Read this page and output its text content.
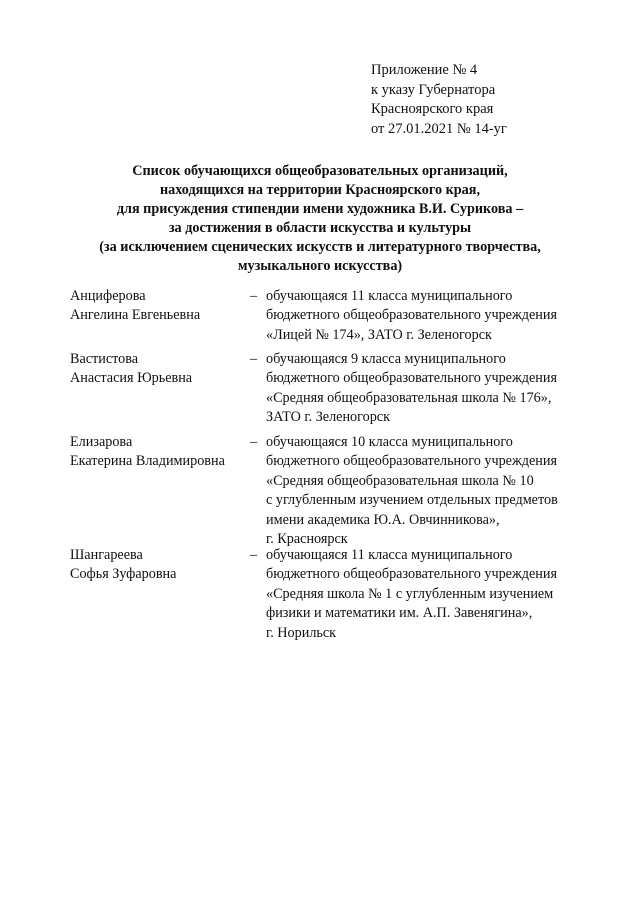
Приложение № 4
к указу Губернатора
Красноярского края
от 27.01.2021 № 14-уг
Список обучающихся общеобразовательных организаций,
находящихся на территории Красноярского края,
для присуждения стипендии имени художника В.И. Сурикова –
за достижения в области искусства и культуры
(за исключением сценических искусств и литературного творчества,
музыкального искусства)
Анциферова
Ангелина Евгеньевна
– обучающаяся 11 класса муниципального
бюджетного общеобразовательного учреждения
«Лицей № 174», ЗАТО г. Зеленогорск
Вастистова
Анастасия Юрьевна
– обучающаяся 9 класса муниципального
бюджетного общеобразовательного учреждения
«Средняя общеобразовательная школа № 176»,
ЗАТО г. Зеленогорск
Елизарова
Екатерина Владимировна
– обучающаяся 10 класса муниципального
бюджетного общеобразовательного учреждения
«Средняя общеобразовательная школа № 10
с углубленным изучением отдельных предметов
имени академика Ю.А. Овчинникова»,
г. Красноярск
Шангареева
Софья Зуфаровна
– обучающаяся 11 класса муниципального
бюджетного общеобразовательного учреждения
«Средняя школа № 1 с углубленным изучением
физики и математики им. А.П. Завенягина»,
г. Норильск
